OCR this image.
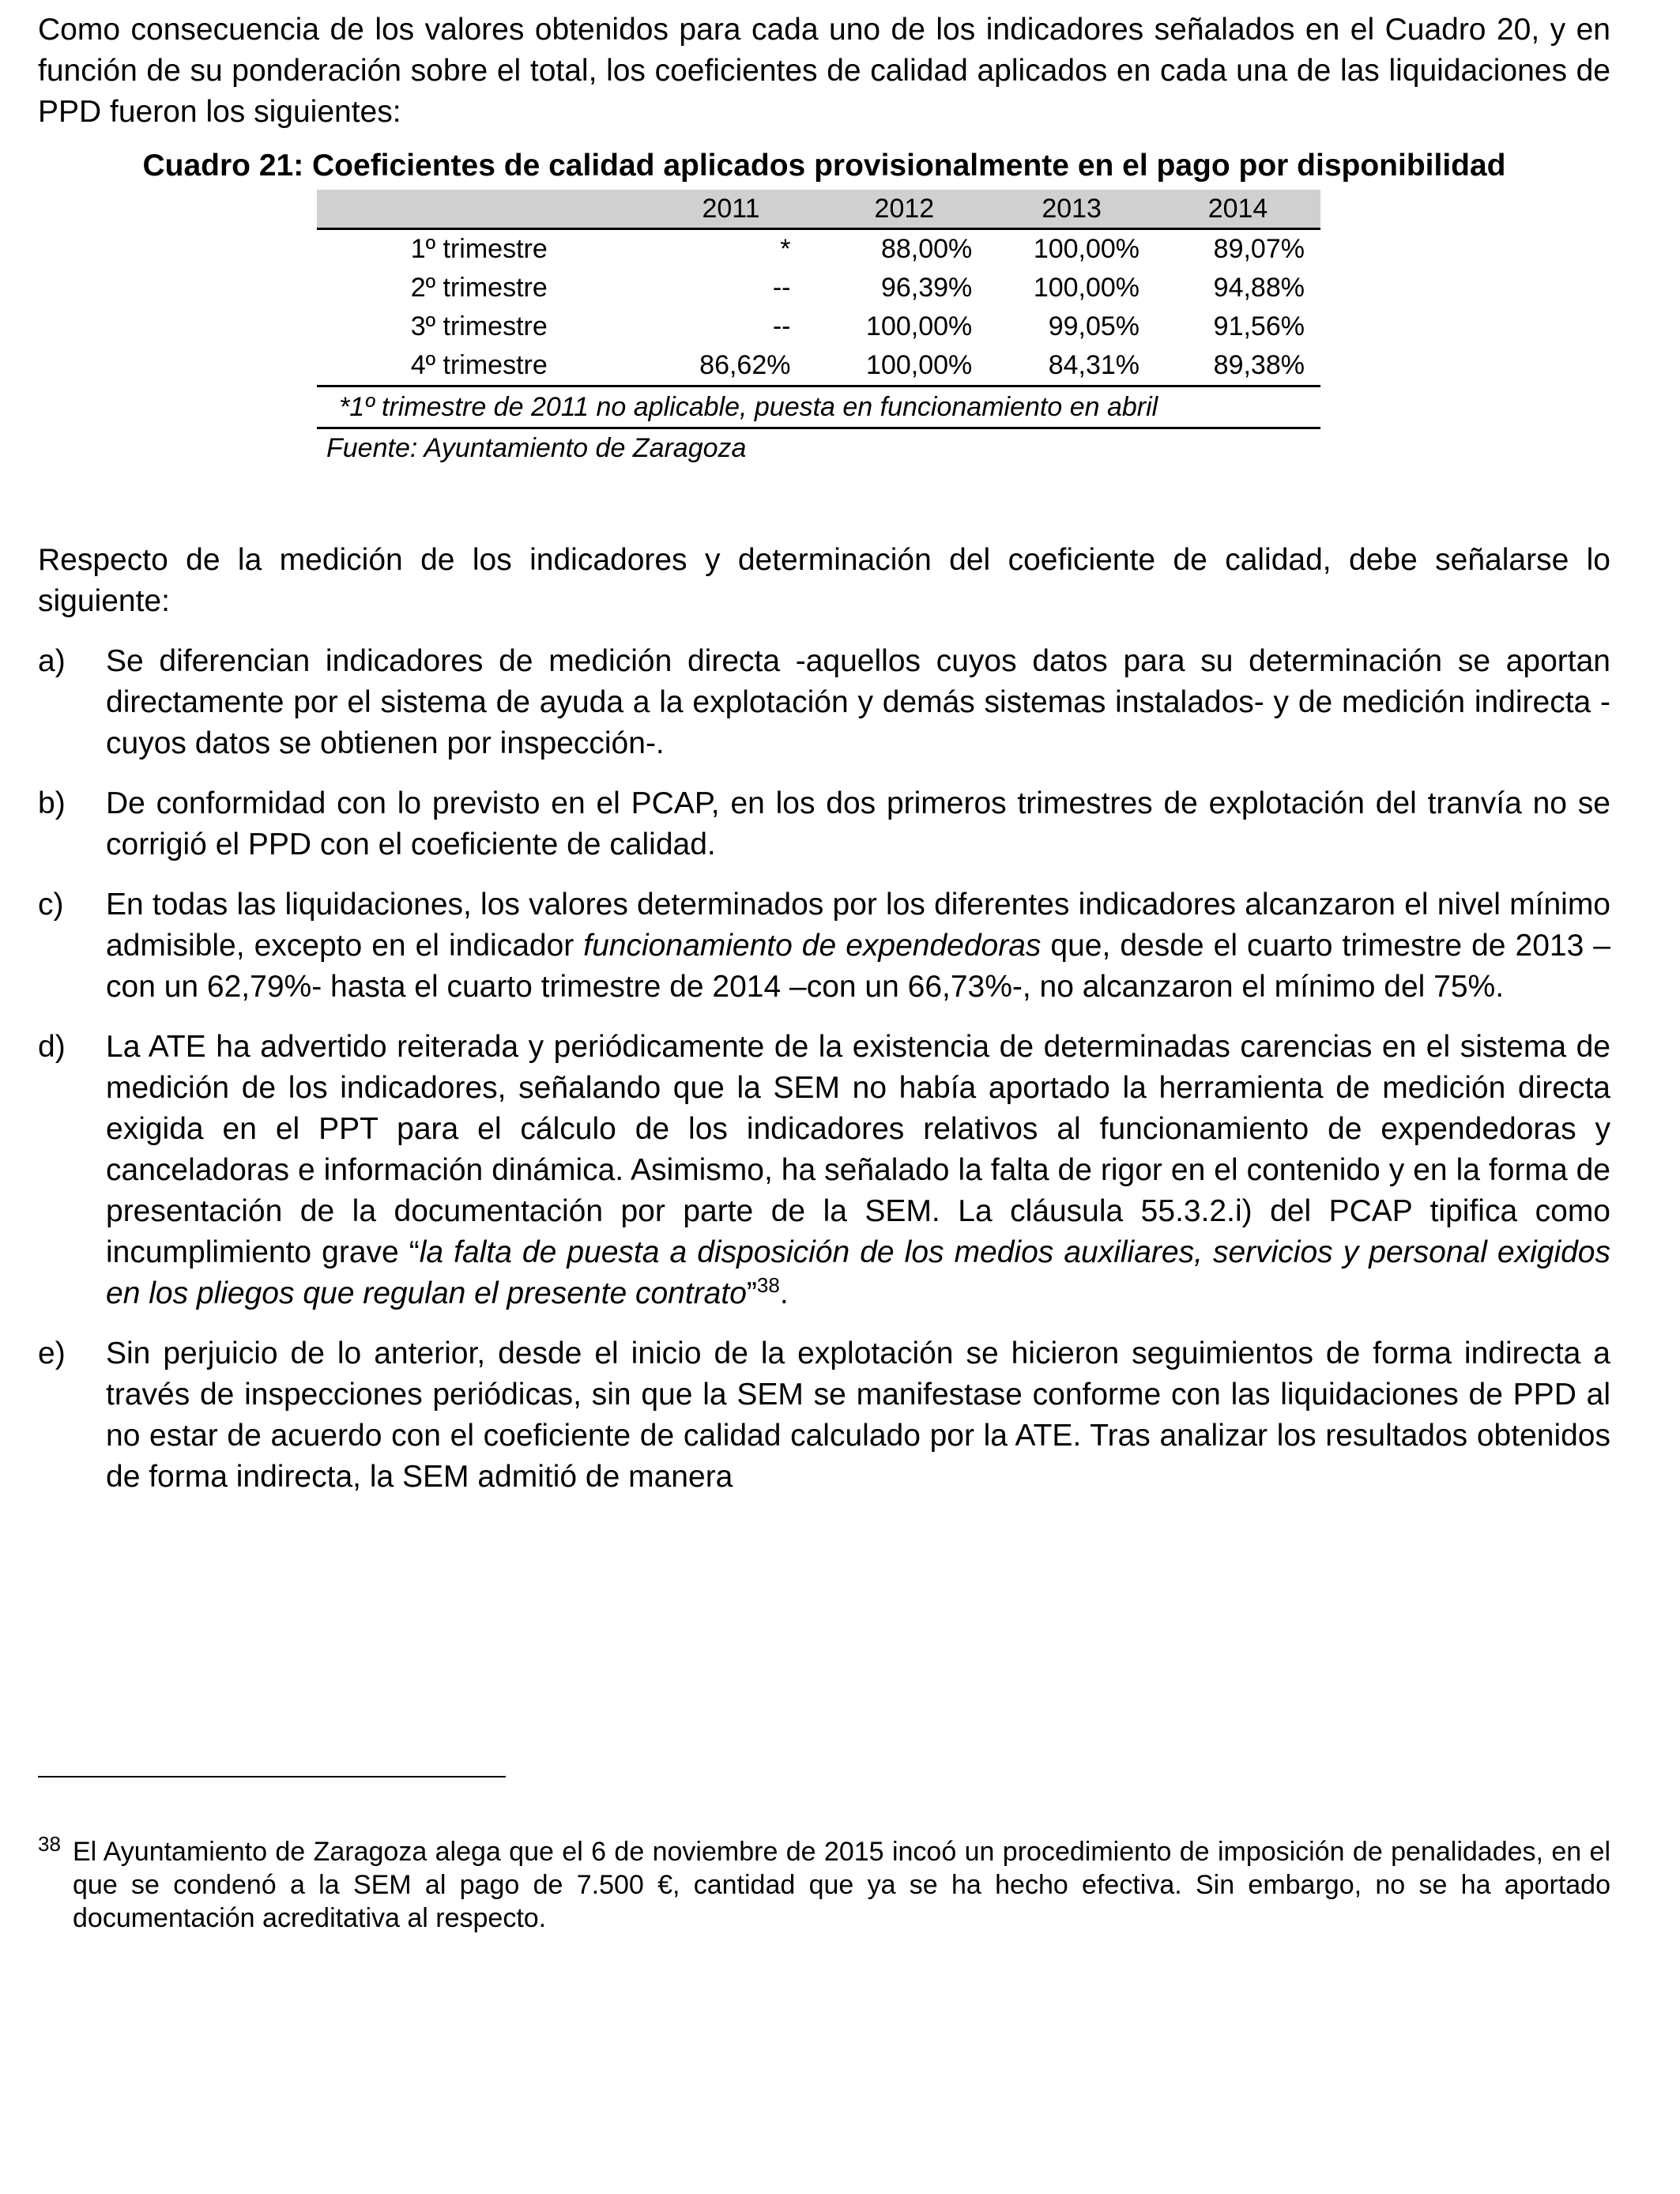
Como consecuencia de los valores obtenidos para cada uno de los indicadores señalados en el Cuadro 20, y en función de su ponderación sobre el total, los coeficientes de calidad aplicados en cada una de las liquidaciones de PPD fueron los siguientes:

Cuadro 21: Coeficientes de calidad aplicados provisionalmente en el pago por disponibilidad
	2011	2012	2013	2014
1º trimestre	*	88,00%	100,00%	89,07%
2º trimestre	--	96,39%	100,00%	94,88%
3º trimestre	--	100,00%	99,05%	91,56%
4º trimestre	86,62%	100,00%	84,31%	89,38%
*1º trimestre de 2011 no aplicable, puesta en funcionamiento en abril
Fuente: Ayuntamiento de Zaragoza

Respecto de la medición de los indicadores y determinación del coeficiente de calidad, debe señalarse lo siguiente:

a)	Se diferencian indicadores de medición directa -aquellos cuyos datos para su determinación se aportan directamente por el sistema de ayuda a la explotación y demás sistemas instalados- y de medición indirecta -cuyos datos se obtienen por inspección-.
b)	De conformidad con lo previsto en el PCAP, en los dos primeros trimestres de explotación del tranvía no se corrigió el PPD con el coeficiente de calidad.
c)	En todas las liquidaciones, los valores determinados por los diferentes indicadores alcanzaron el nivel mínimo admisible, excepto en el indicador funcionamiento de expendedoras que, desde el cuarto trimestre de 2013 –con un 62,79%- hasta el cuarto trimestre de 2014 –con un 66,73%-, no alcanzaron el mínimo del 75%.
d)	La ATE ha advertido reiterada y periódicamente de la existencia de determinadas carencias en el sistema de medición de los indicadores, señalando que la SEM no había aportado la herramienta de medición directa exigida en el PPT para el cálculo de los indicadores relativos al funcionamiento de expendedoras y canceladoras e información dinámica. Asimismo, ha señalado la falta de rigor en el contenido y en la forma de presentación de la documentación por parte de la SEM. La cláusula 55.3.2.i) del PCAP tipifica como incumplimiento grave “la falta de puesta a disposición de los medios auxiliares, servicios y personal exigidos en los pliegos que regulan el presente contrato”$^{38}$.
e)	Sin perjuicio de lo anterior, desde el inicio de la explotación se hicieron seguimientos de forma indirecta a través de inspecciones periódicas, sin que la SEM se manifestase conforme con las liquidaciones de PPD al no estar de acuerdo con el coeficiente de calidad calculado por la ATE. Tras analizar los resultados obtenidos de forma indirecta, la SEM admitió de manera
38 El Ayuntamiento de Zaragoza alega que el 6 de noviembre de 2015 incoó un procedimiento de imposición de penalidades, en el que se condenó a la SEM al pago de 7.500 €, cantidad que ya se ha hecho efectiva. Sin embargo, no se ha aportado documentación acreditativa al respecto.
